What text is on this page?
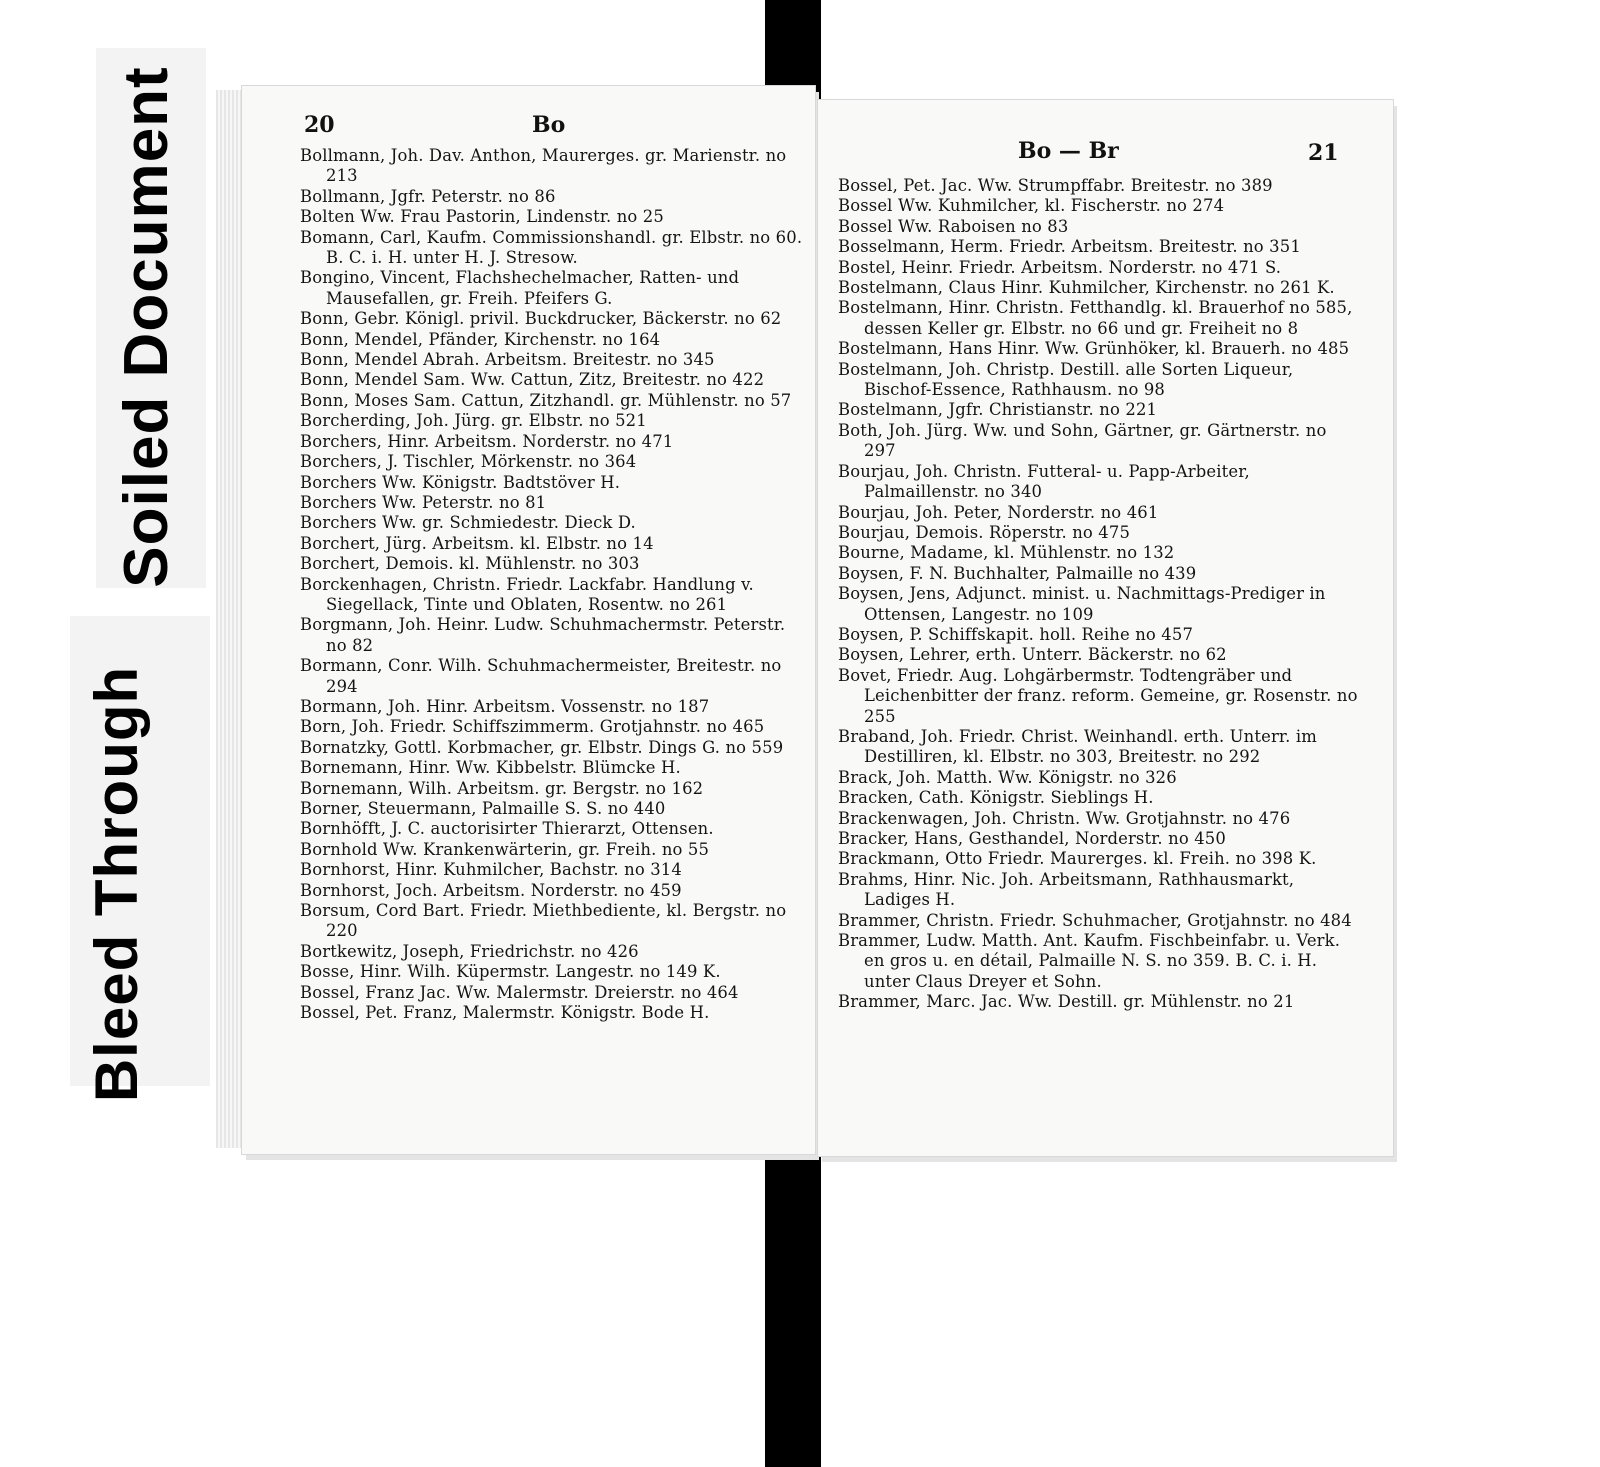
Soiled Document
Bleed Through
20	Bo

Bollmann, Joh. Dav. Anthon, Maurerges. gr. Marienstr. no 213

Bollmann, Jgfr. Peterstr. no 86

Bolten Ww. Frau Pastorin, Lindenstr. no 25

Bomann, Carl, Kaufm. Commissionshandl. gr. Elbstr. no 60. B. C. i. H. unter H. J. Stresow.

Bongino, Vincent, Flachshechelmacher, Ratten- und Mausefallen, gr. Freih. Pfeifers G.

Bonn, Gebr. Königl. privil. Buckdrucker, Bäckerstr. no 62

Bonn, Mendel, Pfänder, Kirchenstr. no 164

Bonn, Mendel Abrah. Arbeitsm. Breitestr. no 345

Bonn, Mendel Sam. Ww. Cattun, Zitz, Breitestr. no 422

Bonn, Moses Sam. Cattun, Zitzhandl. gr. Mühlenstr. no 57

Borcherding, Joh. Jürg. gr. Elbstr. no 521

Borchers, Hinr. Arbeitsm. Norderstr. no 471

Borchers, J. Tischler, Mörkenstr. no 364

Borchers Ww. Königstr. Badtstöver H.

Borchers Ww. Peterstr. no 81

Borchers Ww. gr. Schmiedestr. Dieck D.

Borchert, Jürg. Arbeitsm. kl. Elbstr. no 14

Borchert, Demois. kl. Mühlenstr. no 303

Borckenhagen, Christn. Friedr. Lackfabr. Handlung v. Siegellack, Tinte und Oblaten, Rosentw. no 261

Borgmann, Joh. Heinr. Ludw. Schuhmachermstr. Peterstr. no 82

Bormann, Conr. Wilh. Schuhmachermeister, Breitestr. no 294

Bormann, Joh. Hinr. Arbeitsm. Vossenstr. no 187

Born, Joh. Friedr. Schiffszimmerm. Grotjahnstr. no 465

Bornatzky, Gottl. Korbmacher, gr. Elbstr. Dings G. no 559

Bornemann, Hinr. Ww. Kibbelstr. Blümcke H.

Bornemann, Wilh. Arbeitsm. gr. Bergstr. no 162

Borner, Steuermann, Palmaille S. S. no 440

Bornhöfft, J. C. auctorisirter Thierarzt, Ottensen.

Bornhold Ww. Krankenwärterin, gr. Freih. no 55

Bornhorst, Hinr. Kuhmilcher, Bachstr. no 314

Bornhorst, Joch. Arbeitsm. Norderstr. no 459

Borsum, Cord Bart. Friedr. Miethbediente, kl. Bergstr. no 220

Bortkewitz, Joseph, Friedrichstr. no 426

Bosse, Hinr. Wilh. Küpermstr. Langestr. no 149 K.

Bossel, Franz Jac. Ww. Malermstr. Dreierstr. no 464

Bossel, Pet. Franz, Malermstr. Königstr. Bode H.

Bo — Br	21

Bossel, Pet. Jac. Ww. Strumpffabr. Breitestr. no 389

Bossel Ww. Kuhmilcher, kl. Fischerstr. no 274

Bossel Ww. Raboisen no 83

Bosselmann, Herm. Friedr. Arbeitsm. Breitestr. no 351

Bostel, Heinr. Friedr. Arbeitsm. Norderstr. no 471 S.

Bostelmann, Claus Hinr. Kuhmilcher, Kirchenstr. no 261 K.

Bostelmann, Hinr. Christn. Fetthandlg. kl. Brauerhof no 585, dessen Keller gr. Elbstr. no 66 und gr. Freiheit no 8

Bostelmann, Hans Hinr. Ww. Grünhöker, kl. Brauerh. no 485

Bostelmann, Joh. Christp. Destill. alle Sorten Liqueur, Bischof-Essence, Rathhausm. no 98

Bostelmann, Jgfr. Christianstr. no 221

Both, Joh. Jürg. Ww. und Sohn, Gärtner, gr. Gärtnerstr. no 297

Bourjau, Joh. Christn. Futteral- u. Papp-Arbeiter, Palmaillenstr. no 340

Bourjau, Joh. Peter, Norderstr. no 461

Bourjau, Demois. Röperstr. no 475

Bourne, Madame, kl. Mühlenstr. no 132

Boysen, F. N. Buchhalter, Palmaille no 439

Boysen, Jens, Adjunct. minist. u. Nachmittags-Prediger in Ottensen, Langestr. no 109

Boysen, P. Schiffskapit. holl. Reihe no 457

Boysen, Lehrer, erth. Unterr. Bäckerstr. no 62

Bovet, Friedr. Aug. Lohgärbermstr. Todtengräber und Leichenbitter der franz. reform. Gemeine, gr. Rosenstr. no 255

Braband, Joh. Friedr. Christ. Weinhandl. erth. Unterr. im Destilliren, kl. Elbstr. no 303, Breitestr. no 292

Brack, Joh. Matth. Ww. Königstr. no 326

Bracken, Cath. Königstr. Sieblings H.

Brackenwagen, Joh. Christn. Ww. Grotjahnstr. no 476

Bracker, Hans, Gesthandel, Norderstr. no 450

Brackmann, Otto Friedr. Maurerges. kl. Freih. no 398 K.

Brahms, Hinr. Nic. Joh. Arbeitsmann, Rathhausmarkt, Ladiges H.

Brammer, Christn. Friedr. Schuhmacher, Grotjahnstr. no 484

Brammer, Ludw. Matth. Ant. Kaufm. Fischbeinfabr. u. Verk. en gros u. en détail, Palmaille N. S. no 359. B. C. i. H. unter Claus Dreyer et Sohn.

Brammer, Marc. Jac. Ww. Destill. gr. Mühlenstr. no 21
